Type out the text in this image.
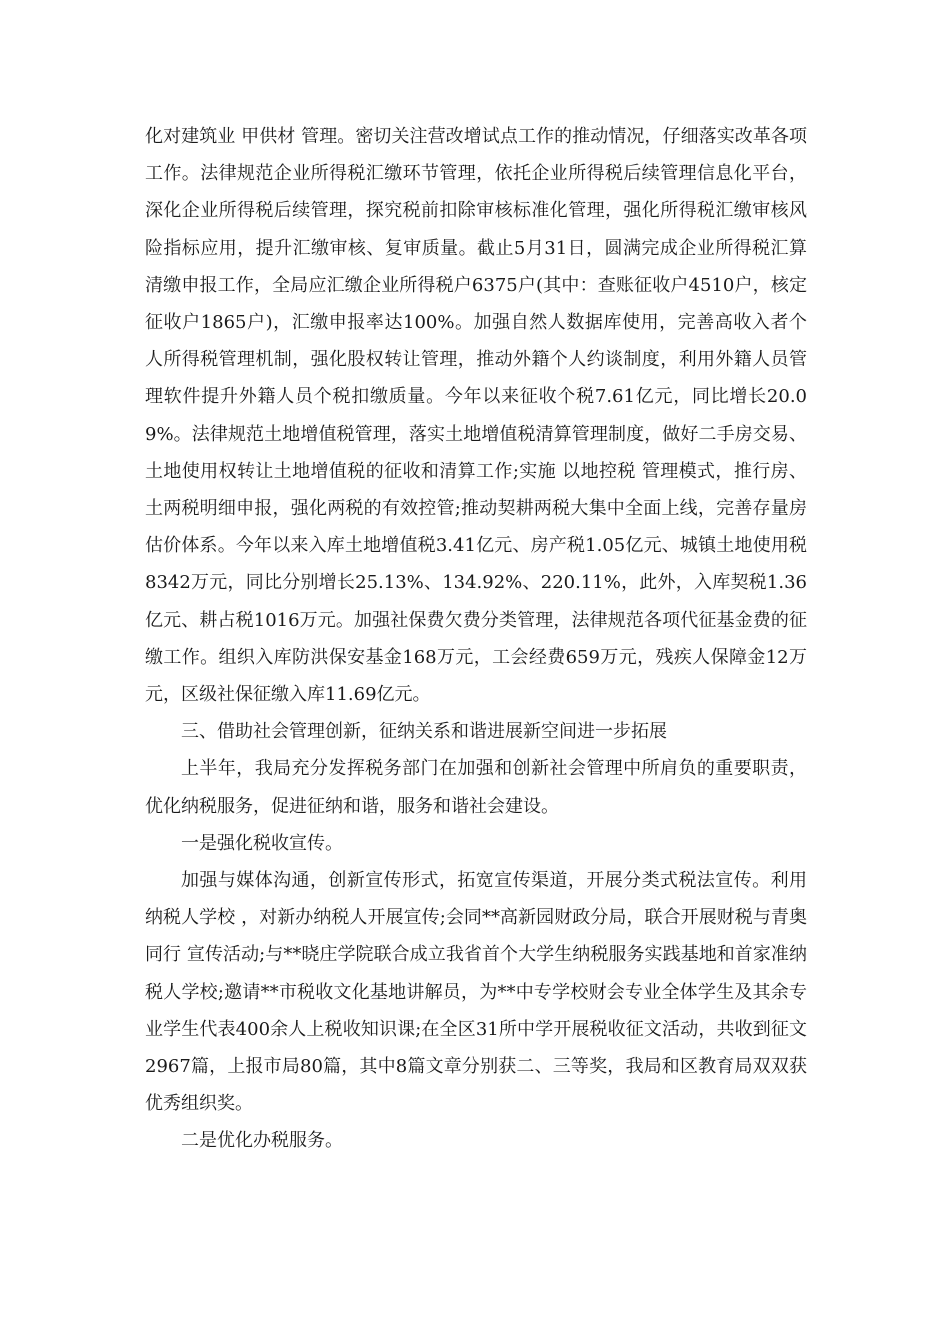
化对建筑业 甲供材 管理。密切关注营改增试点工作的推动情况，仔细落实改革各项工作。法律规范企业所得税汇缴环节管理，依托企业所得税后续管理信息化平台，深化企业所得税后续管理，探究税前扣除审核标准化管理，强化所得税汇缴审核风险指标应用，提升汇缴审核、复审质量。截止5月31日，圆满完成企业所得税汇算清缴申报工作，全局应汇缴企业所得税户6375户(其中：查账征收户4510户，核定征收户1865户)，汇缴申报率达100%。加强自然人数据库使用，完善高收入者个人所得税管理机制，强化股权转让管理，推动外籍个人约谈制度，利用外籍人员管理软件提升外籍人员个税扣缴质量。今年以来征收个税7.61亿元，同比增长20.09%。法律规范土地增值税管理，落实土地增值税清算管理制度，做好二手房交易、土地使用权转让土地增值税的征收和清算工作;实施 以地控税 管理模式，推行房、土两税明细申报，强化两税的有效控管;推动契耕两税大集中全面上线，完善存量房估价体系。今年以来入库土地增值税3.41亿元、房产税1.05亿元、城镇土地使用税8342万元，同比分别增长25.13%、134.92%、220.11%，此外，入库契税1.36亿元、耕占税1016万元。加强社保费欠费分类管理，法律规范各项代征基金费的征缴工作。组织入库防洪保安基金168万元，工会经费659万元，残疾人保障金12万元，区级社保征缴入库11.69亿元。

三、借助社会管理创新，征纳关系和谐进展新空间进一步拓展

上半年，我局充分发挥税务部门在加强和创新社会管理中所肩负的重要职责，优化纳税服务，促进征纳和谐，服务和谐社会建设。

一是强化税收宣传。

加强与媒体沟通，创新宣传形式，拓宽宣传渠道，开展分类式税法宣传。利用 纳税人学校 ，对新办纳税人开展宣传;会同**高新园财政分局，联合开展财税与青奥同行 宣传活动;与**晓庄学院联合成立我省首个大学生纳税服务实践基地和首家准纳税人学校;邀请**市税收文化基地讲解员，为**中专学校财会专业全体学生及其余专业学生代表400余人上税收知识课;在全区31所中学开展税收征文活动，共收到征文2967篇，上报市局80篇，其中8篇文章分别获二、三等奖，我局和区教育局双双获优秀组织奖。

二是优化办税服务。
